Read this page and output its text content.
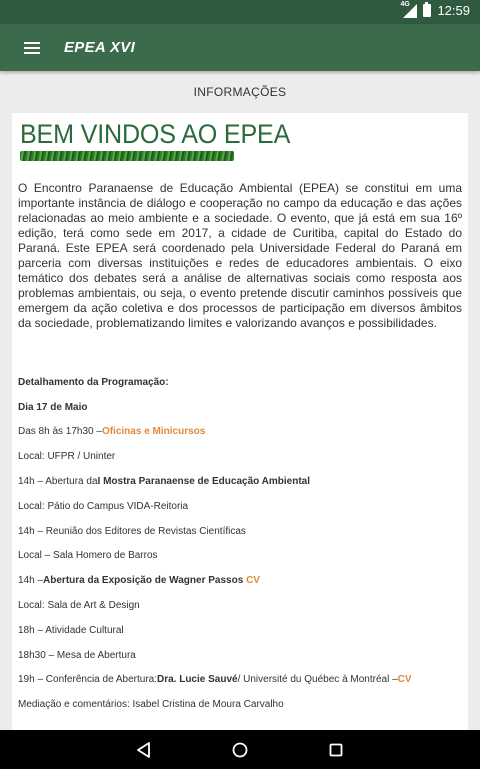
4G 12:59
EPEA XVI
INFORMAÇÕES
BEM VINDOS AO EPEA

O Encontro Paranaense de Educação Ambiental (EPEA) se constitui em uma importante instância de diálogo e cooperação no campo da educação e das ações relacionadas ao meio ambiente e a sociedade. O evento, que já está em sua 16º edição, terá como sede em 2017, a cidade de Curitiba, capital do Estado do Paraná. Este EPEA será coordenado pela Universidade Federal do Paraná em parceria com diversas instituições e redes de educadores ambientais. O eixo temático dos debates será a análise de alternativas sociais como resposta aos problemas ambientais, ou seja, o evento pretende discutir caminhos possíveis que emergem da ação coletiva e dos processos de participação em diversos âmbitos da sociedade, problematizando limites e valorizando avanços e possibilidades.

Detalhamento da Programação:
Dia 17 de Maio
Das 8h às 17h30 – Oficinas e Minicursos
Local: UFPR / Uninter
14h – Abertura da I Mostra Paranaense de Educação Ambiental
Local: Pátio do Campus VIDA-Reitoria
14h – Reunião dos Editores de Revistas Científicas
Local – Sala Homero de Barros
14h – Abertura da Exposição de Wagner Passos
CV
Local: Sala de Art & Design
18h – Atividade Cultural
18h30 – Mesa de Abertura
19h – Conferência de Abertura: Dra. Lucie Sauvé / Université du Québec à Montréal – CV
Mediação e comentários: Isabel Cristina de Moura Carvalho
